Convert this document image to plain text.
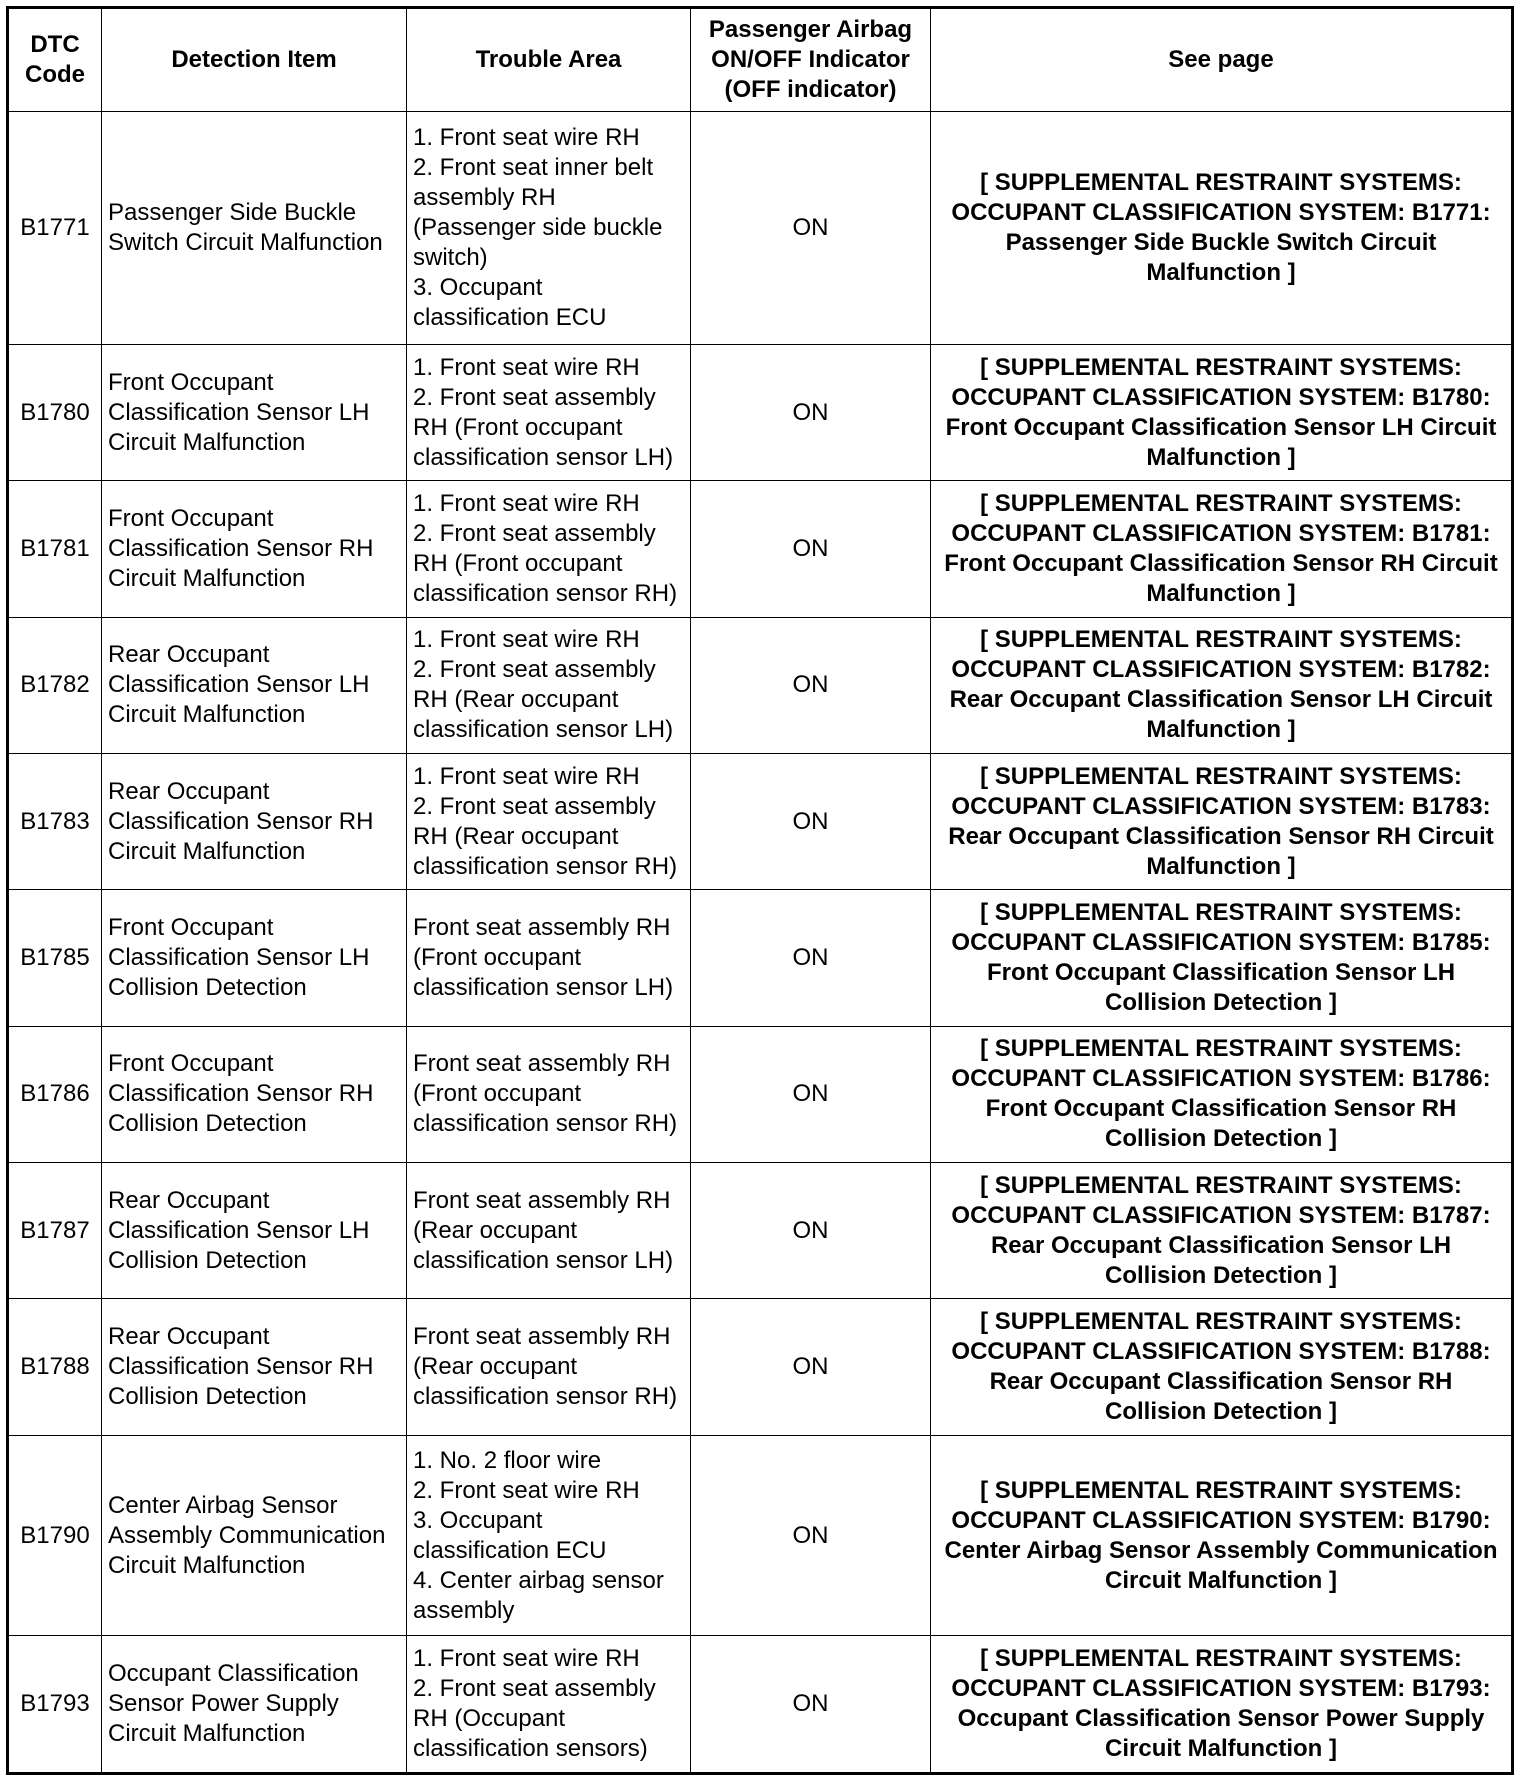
DTC
Code	Detection Item	Trouble Area	Passenger Airbag ON/OFF Indicator (OFF indicator)	See page
B1771	Passenger Side Buckle Switch Circuit Malfunction	1. Front seat wire RH
2. Front seat inner belt assembly RH (Passenger side buckle switch)
3. Occupant classification ECU	ON	[ SUPPLEMENTAL RESTRAINT SYSTEMS: OCCUPANT CLASSIFICATION SYSTEM: B1771: Passenger Side Buckle Switch Circuit Malfunction ]
B1780	Front Occupant Classification Sensor LH Circuit Malfunction	1. Front seat wire RH
2. Front seat assembly RH (Front occupant classification sensor LH)	ON	[ SUPPLEMENTAL RESTRAINT SYSTEMS: OCCUPANT CLASSIFICATION SYSTEM: B1780: Front Occupant Classification Sensor LH Circuit Malfunction ]
B1781	Front Occupant Classification Sensor RH Circuit Malfunction	1. Front seat wire RH
2. Front seat assembly RH (Front occupant classification sensor RH)	ON	[ SUPPLEMENTAL RESTRAINT SYSTEMS: OCCUPANT CLASSIFICATION SYSTEM: B1781: Front Occupant Classification Sensor RH Circuit Malfunction ]
B1782	Rear Occupant Classification Sensor LH Circuit Malfunction	1. Front seat wire RH
2. Front seat assembly RH (Rear occupant classification sensor LH)	ON	[ SUPPLEMENTAL RESTRAINT SYSTEMS: OCCUPANT CLASSIFICATION SYSTEM: B1782: Rear Occupant Classification Sensor LH Circuit Malfunction ]
B1783	Rear Occupant Classification Sensor RH Circuit Malfunction	1. Front seat wire RH
2. Front seat assembly RH (Rear occupant classification sensor RH)	ON	[ SUPPLEMENTAL RESTRAINT SYSTEMS: OCCUPANT CLASSIFICATION SYSTEM: B1783: Rear Occupant Classification Sensor RH Circuit Malfunction ]
B1785	Front Occupant Classification Sensor LH Collision Detection	Front seat assembly RH (Front occupant classification sensor LH)	ON	[ SUPPLEMENTAL RESTRAINT SYSTEMS: OCCUPANT CLASSIFICATION SYSTEM: B1785: Front Occupant Classification Sensor LH Collision Detection ]
B1786	Front Occupant Classification Sensor RH Collision Detection	Front seat assembly RH (Front occupant classification sensor RH)	ON	[ SUPPLEMENTAL RESTRAINT SYSTEMS: OCCUPANT CLASSIFICATION SYSTEM: B1786: Front Occupant Classification Sensor RH Collision Detection ]
B1787	Rear Occupant Classification Sensor LH Collision Detection	Front seat assembly RH (Rear occupant classification sensor LH)	ON	[ SUPPLEMENTAL RESTRAINT SYSTEMS: OCCUPANT CLASSIFICATION SYSTEM: B1787: Rear Occupant Classification Sensor LH Collision Detection ]
B1788	Rear Occupant Classification Sensor RH Collision Detection	Front seat assembly RH (Rear occupant classification sensor RH)	ON	[ SUPPLEMENTAL RESTRAINT SYSTEMS: OCCUPANT CLASSIFICATION SYSTEM: B1788: Rear Occupant Classification Sensor RH Collision Detection ]
B1790	Center Airbag Sensor Assembly Communication Circuit Malfunction	1. No. 2 floor wire
2. Front seat wire RH
3. Occupant classification ECU
4. Center airbag sensor assembly	ON	[ SUPPLEMENTAL RESTRAINT SYSTEMS: OCCUPANT CLASSIFICATION SYSTEM: B1790: Center Airbag Sensor Assembly Communication Circuit Malfunction ]
B1793	Occupant Classification Sensor Power Supply Circuit Malfunction	1. Front seat wire RH
2. Front seat assembly RH (Occupant classification sensors)	ON	[ SUPPLEMENTAL RESTRAINT SYSTEMS: OCCUPANT CLASSIFICATION SYSTEM: B1793: Occupant Classification Sensor Power Supply Circuit Malfunction ]
